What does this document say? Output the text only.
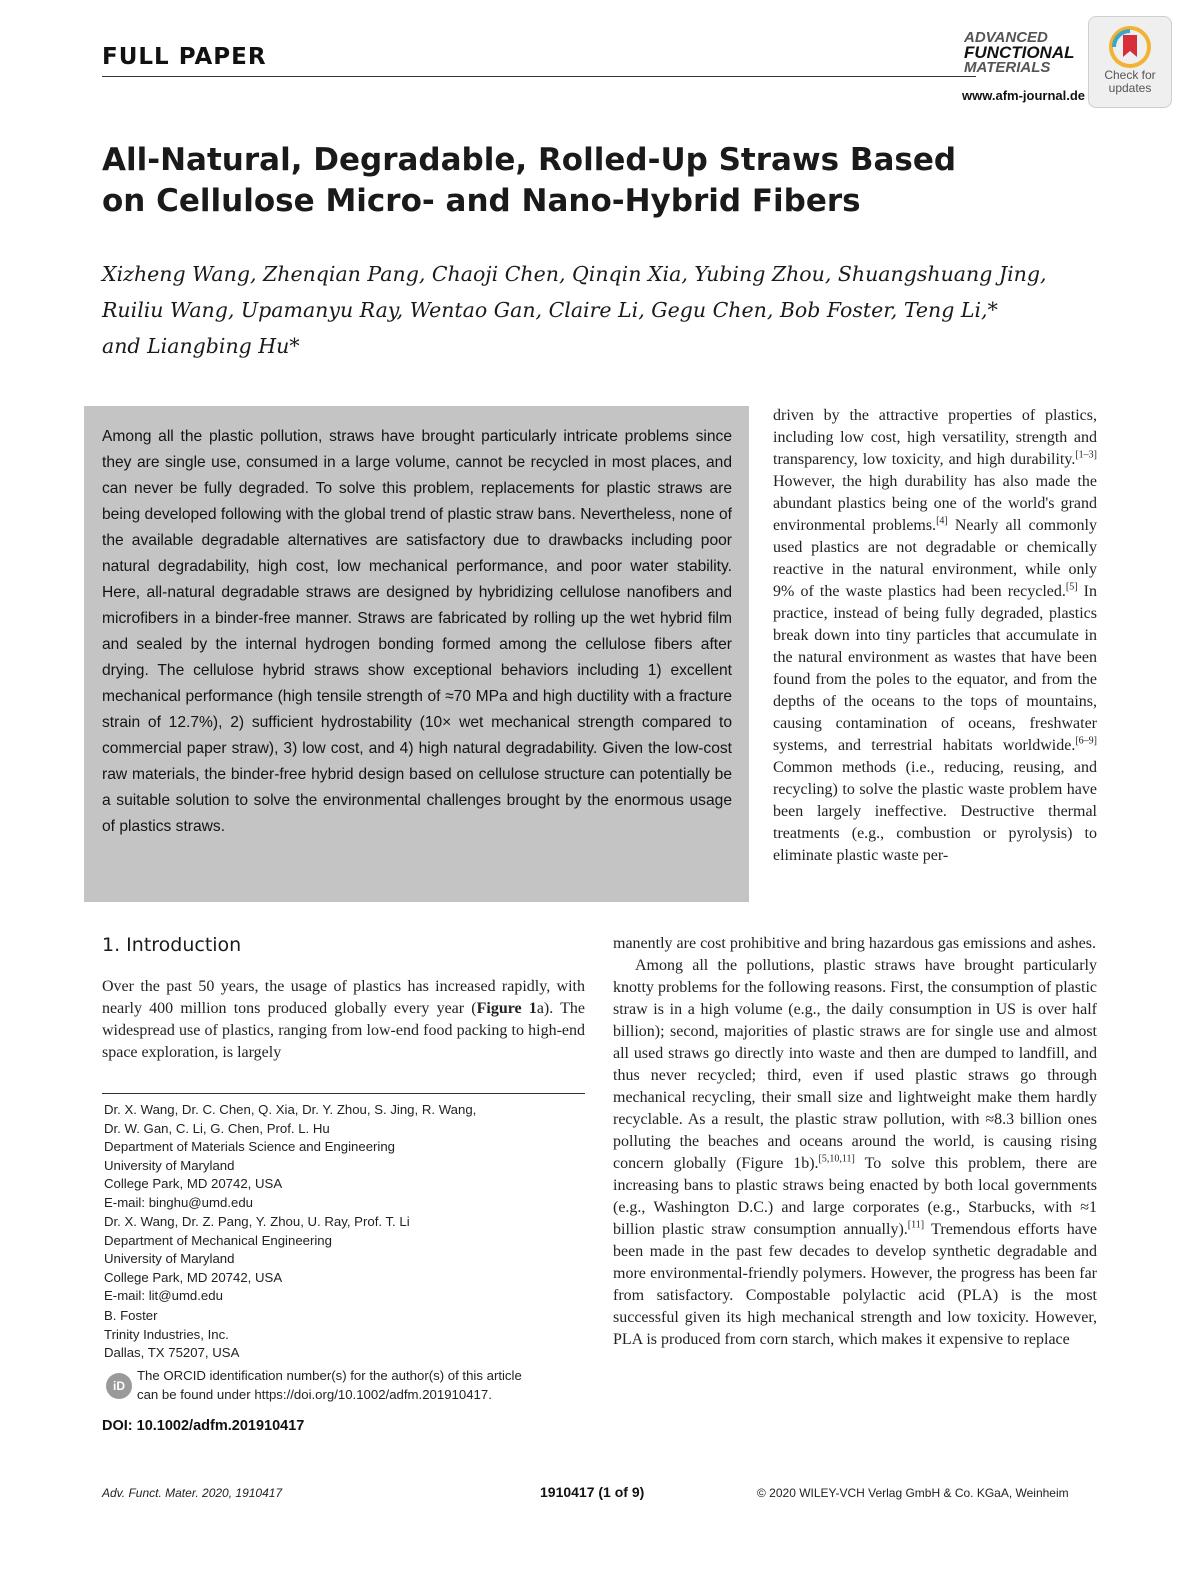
FULL PAPER
ADVANCED
FUNCTIONAL
MATERIALS
www.afm-journal.de
Check for
updates
All-Natural, Degradable, Rolled-Up Straws Based
on Cellulose Micro- and Nano-Hybrid Fibers
Xizheng Wang, Zhenqian Pang, Chaoji Chen, Qinqin Xia, Yubing Zhou, Shuangshuang Jing,
Ruiliu Wang, Upamanyu Ray, Wentao Gan, Claire Li, Gegu Chen, Bob Foster, Teng Li,*
and Liangbing Hu*
Among all the plastic pollution, straws have brought particularly intricate problems since they are single use, consumed in a large volume, cannot be recycled in most places, and can never be fully degraded. To solve this problem, replacements for plastic straws are being developed following with the global trend of plastic straw bans. Nevertheless, none of the available degradable alternatives are satisfactory due to drawbacks including poor natural degradability, high cost, low mechanical performance, and poor water stability. Here, all-natural degradable straws are designed by hybridizing cellulose nanofibers and microfibers in a binder-free manner. Straws are fabricated by rolling up the wet hybrid film and sealed by the internal hydrogen bonding formed among the cellulose fibers after drying. The cellulose hybrid straws show exceptional behaviors including 1) excellent mechanical performance (high tensile strength of ≈70 MPa and high ductility with a fracture strain of 12.7%), 2) sufficient hydrostability (10× wet mechanical strength compared to commercial paper straw), 3) low cost, and 4) high natural degradability. Given the low-cost raw materials, the binder-free hybrid design based on cellulose structure can potentially be a suitable solution to solve the environmental challenges brought by the enormous usage of plastics straws.
driven by the attractive properties of plastics, including low cost, high versatility, strength and transparency, low toxicity, and high durability.[1–3] However, the high durability has also made the abundant plastics being one of the world's grand environmental problems.[4] Nearly all commonly used plastics are not degradable or chemically reactive in the natural environment, while only 9% of the waste plastics had been recycled.[5] In practice, instead of being fully degraded, plastics break down into tiny particles that accumulate in the natural environment as wastes that have been found from the poles to the equator, and from the depths of the oceans to the tops of mountains, causing contamination of oceans, freshwater systems, and terrestrial habitats worldwide.[6–9] Common methods (i.e., reducing, reusing, and recycling) to solve the plastic waste problem have been largely ineffective. Destructive thermal treatments (e.g., combustion or pyrolysis) to eliminate plastic waste per-

manently are cost prohibitive and bring hazardous gas emissions and ashes.

Among all the pollutions, plastic straws have brought particularly knotty problems for the following reasons. First, the consumption of plastic straw is in a high volume (e.g., the daily consumption in US is over half billion); second, majorities of plastic straws are for single use and almost all used straws go directly into waste and then are dumped to landfill, and thus never recycled; third, even if used plastic straws go through mechanical recycling, their small size and lightweight make them hardly recyclable. As a result, the plastic straw pollution, with ≈8.3 billion ones polluting the beaches and oceans around the world, is causing rising concern globally (Figure 1b).[5,10,11] To solve this problem, there are increasing bans to plastic straws being enacted by both local governments (e.g., Washington D.C.) and large corporates (e.g., Starbucks, with ≈1 billion plastic straw consumption annually).[11] Tremendous efforts have been made in the past few decades to develop synthetic degradable and more environmental-friendly polymers. However, the progress has been far from satisfactory. Compostable polylactic acid (PLA) is the most successful given its high mechanical strength and low toxicity. However, PLA is produced from corn starch, which makes it expensive to replace

1. Introduction
Over the past 50 years, the usage of plastics has increased rapidly, with nearly 400 million tons produced globally every year (Figure 1a). The widespread use of plastics, ranging from low-end food packing to high-end space exploration, is largely
Dr. X. Wang, Dr. C. Chen, Q. Xia, Dr. Y. Zhou, S. Jing, R. Wang,
Dr. W. Gan, C. Li, G. Chen, Prof. L. Hu
Department of Materials Science and Engineering
University of Maryland
College Park, MD 20742, USA
E-mail: binghu@umd.edu
Dr. X. Wang, Dr. Z. Pang, Y. Zhou, U. Ray, Prof. T. Li
Department of Mechanical Engineering
University of Maryland
College Park, MD 20742, USA
E-mail: lit@umd.edu
B. Foster
Trinity Industries, Inc.
Dallas, TX 75207, USA
iD
The ORCID identification number(s) for the author(s) of this article
can be found under https://doi.org/10.1002/adfm.201910417.
DOI: 10.1002/adfm.201910417
Adv. Funct. Mater. 2020, 1910417	1910417 (1 of 9)	© 2020 WILEY-VCH Verlag GmbH & Co. KGaA, Weinheim
